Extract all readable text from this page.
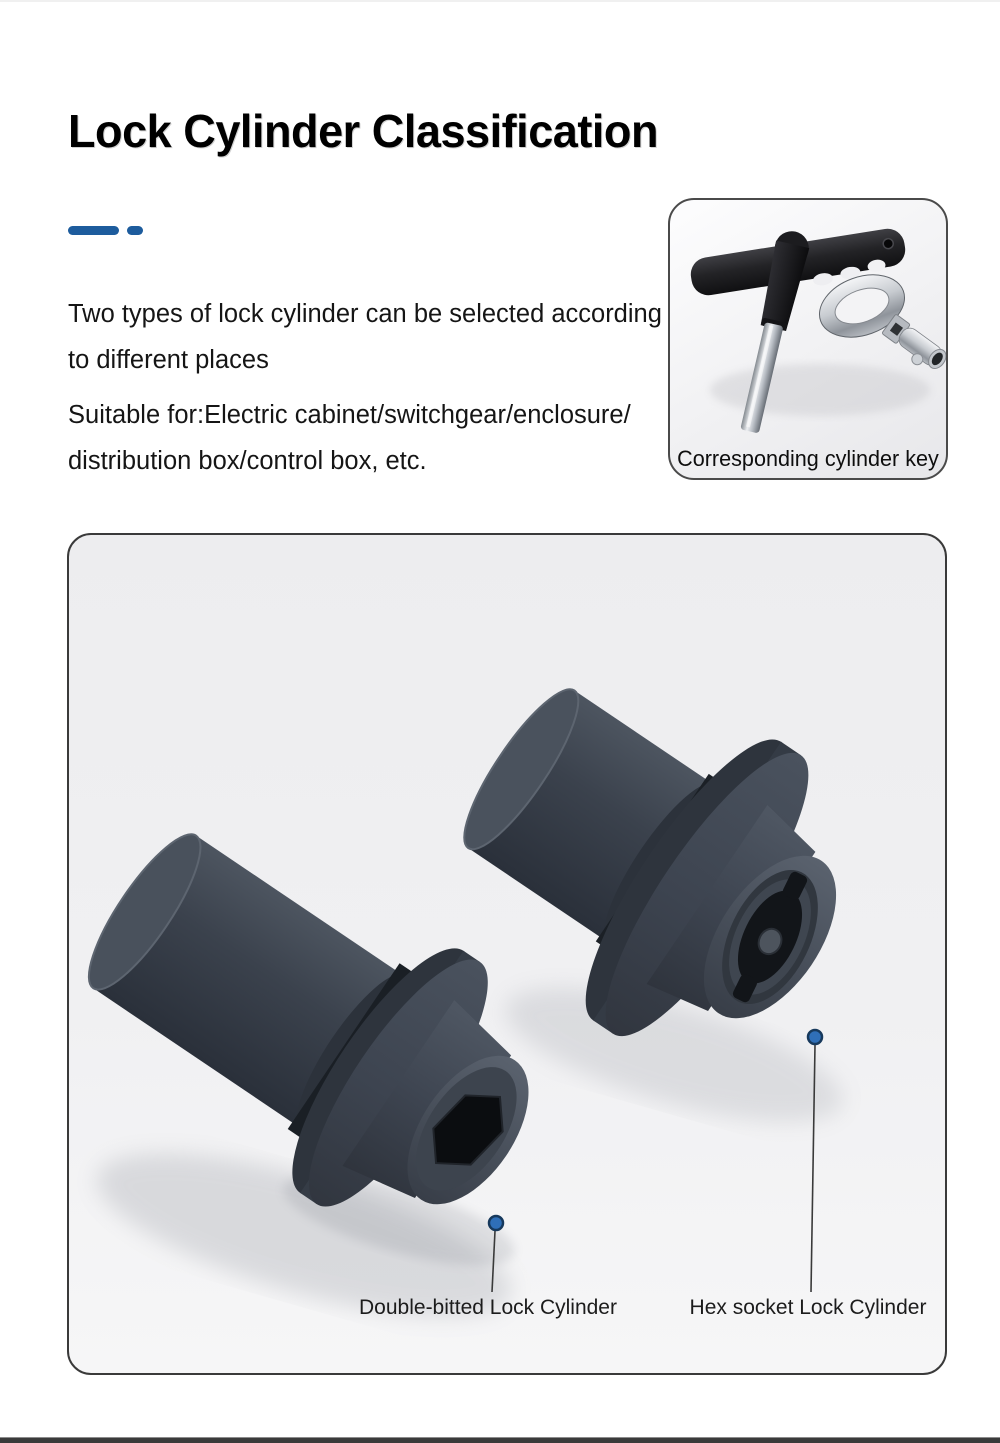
Lock Cylinder Classification
Two types of lock cylinder can be selected according
to different places
Suitable for:Electric cabinet/switchgear/enclosure/
distribution box/control box, etc.	Corresponding cylinder key
Double-bitted Lock Cylinder	Hex socket Lock Cylinder
